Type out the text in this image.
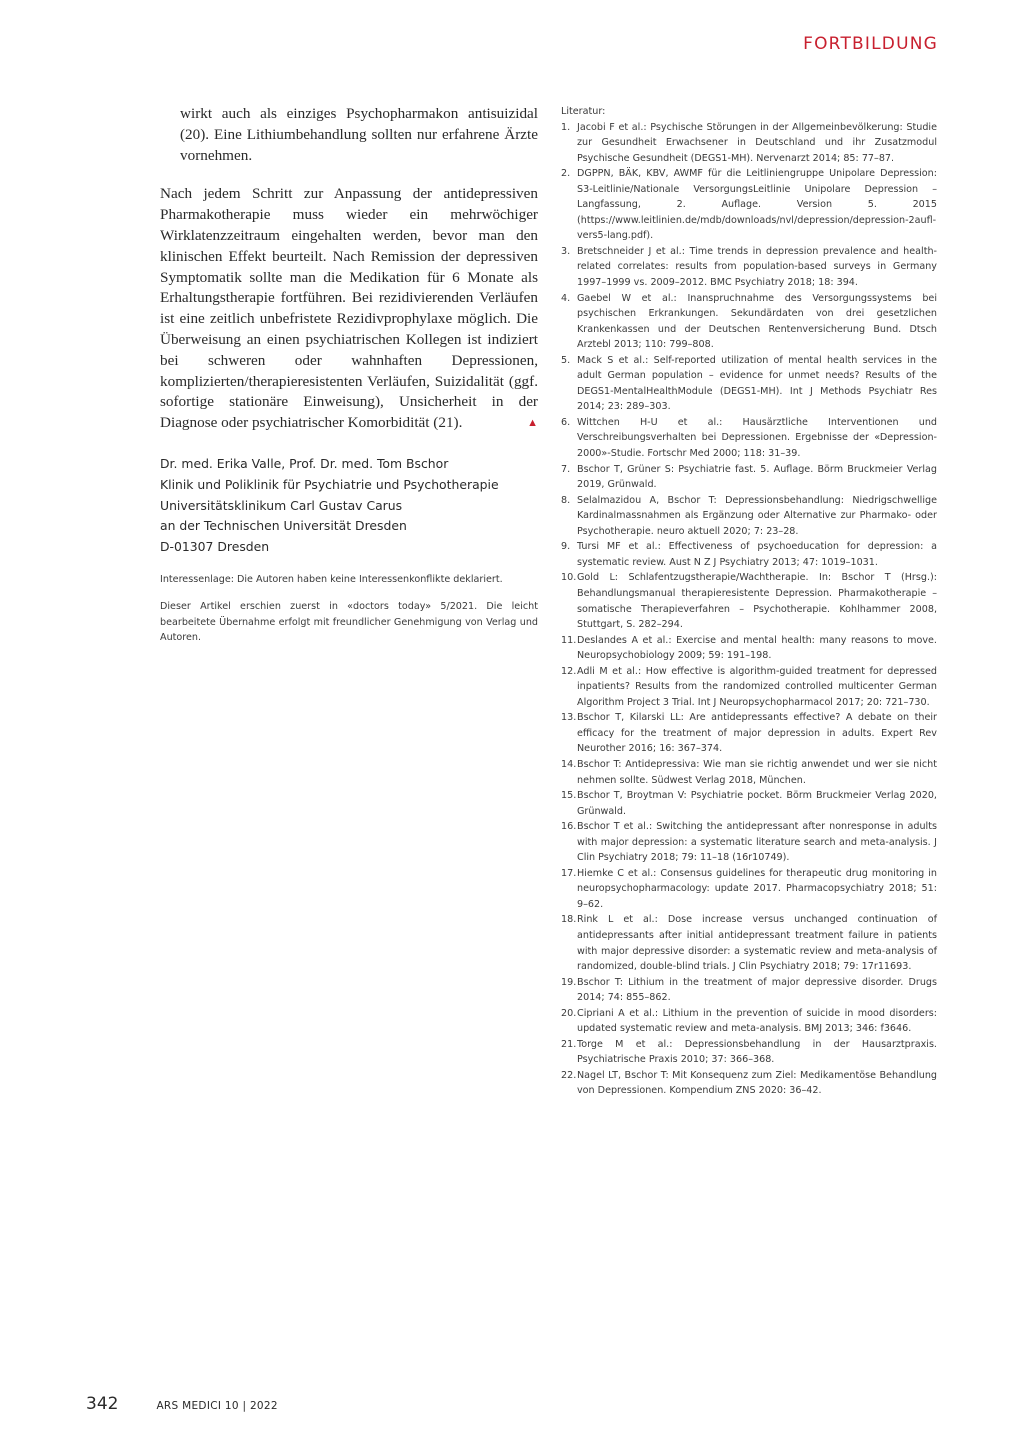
FORTBILDUNG

wirkt auch als einziges Psychopharmakon antisuizidal (20). Eine Lithiumbehandlung sollten nur erfahrene Ärzte vornehmen.

Nach jedem Schritt zur Anpassung der antidepressiven Pharmakotherapie muss wieder ein mehrwöchiger Wirklatenzzeitraum eingehalten werden, bevor man den klinischen Effekt beurteilt. Nach Remission der depressiven Symptomatik sollte man die Medikation für 6 Monate als Erhaltungstherapie fortführen. Bei rezidivierenden Verläufen ist eine zeitlich unbefristete Rezidivprophylaxe möglich. Die Überweisung an einen psychiatrischen Kollegen ist indiziert bei schweren oder wahnhaften Depressionen, komplizierten/therapieresistenten Verläufen, Suizidalität (ggf. sofortige stationäre Einweisung), Unsicherheit in der Diagnose oder psychiatrischer Komorbidität (21).	▲

Dr. med. Erika Valle, Prof. Dr. med. Tom Bschor
Klinik und Poliklinik für Psychiatrie und Psychotherapie
Universitätsklinikum Carl Gustav Carus
an der Technischen Universität Dresden
D-01307 Dresden

Interessenlage: Die Autoren haben keine Interessenkonflikte deklariert.

Dieser Artikel erschien zuerst in «doctors today» 5/2021. Die leicht bearbeitete Übernahme erfolgt mit freundlicher Genehmigung von Verlag und Autoren.

Literatur:

1. Jacobi F et al.: Psychische Störungen in der Allgemeinbevölkerung: Studie zur Gesundheit Erwachsener in Deutschland und ihr Zusatzmodul Psychische Gesundheit (DEGS1-MH). Nervenarzt 2014; 85: 77–87.
2. DGPPN, BÄK, KBV, AWMF für die Leitliniengruppe Unipolare Depression: S3-Leitlinie/Nationale VersorgungsLeitlinie Unipolare Depression – Langfassung, 2. Auflage. Version 5. 2015 (https://www.leitlinien.de/mdb/downloads/nvl/depression/depression-2aufl-vers5-lang.pdf).
3. Bretschneider J et al.: Time trends in depression prevalence and health-related correlates: results from population-based surveys in Germany 1997–1999 vs. 2009–2012. BMC Psychiatry 2018; 18: 394.
4. Gaebel W et al.: Inanspruchnahme des Versorgungssystems bei psychischen Erkrankungen. Sekundärdaten von drei gesetzlichen Krankenkassen und der Deutschen Rentenversicherung Bund. Dtsch Arztebl 2013; 110: 799–808.
5. Mack S et al.: Self-reported utilization of mental health services in the adult German population – evidence for unmet needs? Results of the DEGS1-MentalHealthModule (DEGS1-MH). Int J Methods Psychiatr Res 2014; 23: 289–303.
6. Wittchen H-U et al.: Hausärztliche Interventionen und Verschreibungsverhalten bei Depressionen. Ergebnisse der «Depression-2000»-Studie. Fortschr Med 2000; 118: 31–39.
7. Bschor T, Grüner S: Psychiatrie fast. 5. Auflage. Börm Bruckmeier Verlag 2019, Grünwald.
8. Selalmazidou A, Bschor T: Depressionsbehandlung: Niedrigschwellige Kardinalmassnahmen als Ergänzung oder Alternative zur Pharmako- oder Psychotherapie. neuro aktuell 2020; 7: 23–28.
9. Tursi MF et al.: Effectiveness of psychoeducation for depression: a systematic review. Aust N Z J Psychiatry 2013; 47: 1019–1031.
10. Gold L: Schlafentzugstherapie/Wachtherapie. In: Bschor T (Hrsg.): Behandlungsmanual therapieresistente Depression. Pharmakotherapie – somatische Therapieverfahren – Psychotherapie. Kohlhammer 2008, Stuttgart, S. 282–294.
11. Deslandes A et al.: Exercise and mental health: many reasons to move. Neuropsychobiology 2009; 59: 191–198.
12. Adli M et al.: How effective is algorithm-guided treatment for depressed inpatients? Results from the randomized controlled multicenter German Algorithm Project 3 Trial. Int J Neuropsychopharmacol 2017; 20: 721–730.
13. Bschor T, Kilarski LL: Are antidepressants effective? A debate on their efficacy for the treatment of major depression in adults. Expert Rev Neurother 2016; 16: 367–374.
14. Bschor T: Antidepressiva: Wie man sie richtig anwendet und wer sie nicht nehmen sollte. Südwest Verlag 2018, München.
15. Bschor T, Broytman V: Psychiatrie pocket. Börm Bruckmeier Verlag 2020, Grünwald.
16. Bschor T et al.: Switching the antidepressant after nonresponse in adults with major depression: a systematic literature search and meta-analysis. J Clin Psychiatry 2018; 79: 11–18 (16r10749).
17. Hiemke C et al.: Consensus guidelines for therapeutic drug monitoring in neuropsychopharmacology: update 2017. Pharmacopsychiatry 2018; 51: 9–62.
18. Rink L et al.: Dose increase versus unchanged continuation of antidepressants after initial antidepressant treatment failure in patients with major depressive disorder: a systematic review and meta-analysis of randomized, double-blind trials. J Clin Psychiatry 2018; 79: 17r11693.
19. Bschor T: Lithium in the treatment of major depressive disorder. Drugs 2014; 74: 855–862.
20. Cipriani A et al.: Lithium in the prevention of suicide in mood disorders: updated systematic review and meta-analysis. BMJ 2013; 346: f3646.
21. Torge M et al.: Depressionsbehandlung in der Hausarztpraxis. Psychiatrische Praxis 2010; 37: 366–368.
22. Nagel LT, Bschor T: Mit Konsequenz zum Ziel: Medikamentöse Behandlung von Depressionen. Kompendium ZNS 2020: 36–42.
342	ARS MEDICI 10 | 2022
